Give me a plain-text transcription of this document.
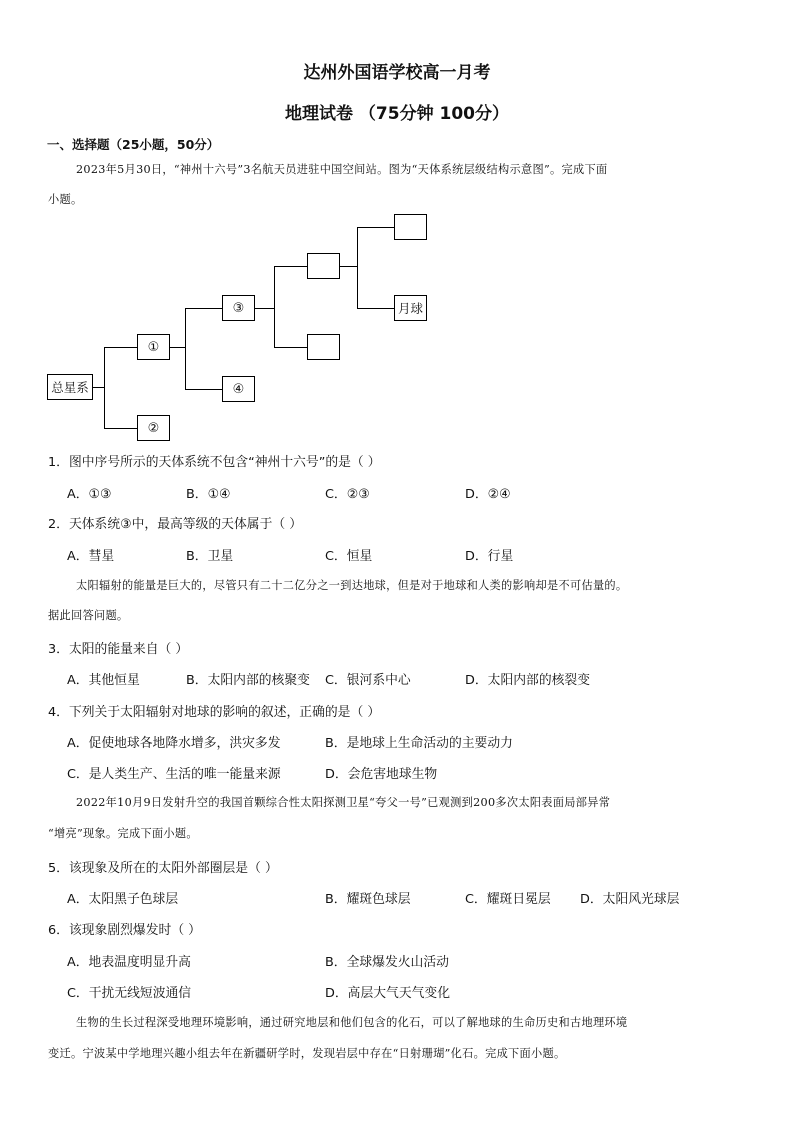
达州外国语学校高一月考
地理试卷 （75分钟 100分）
一、选择题（25小题，50分）
2023年5月30日，“神州十六号”3名航天员进驻中国空间站。图为“天体系统层级结构示意图”。完成下面
小题。
总星系
①
②
③
④
月球
1．图中序号所示的天体系统不包含“神州十六号”的是（ ）
A．①③	B．①④	C．②③	D．②④
2．天体系统③中，最高等级的天体属于（ ）
A．彗星	B．卫星	C．恒星	D．行星
太阳辐射的能量是巨大的，尽管只有二十二亿分之一到达地球，但是对于地球和人类的影响却是不可估量的。
据此回答问题。
3．太阳的能量来自（ ）
A．其他恒星	B．太阳内部的核聚变 C．银河系中心	D．太阳内部的核裂变
4．下列关于太阳辐射对地球的影响的叙述，正确的是（ ）
A．促使地球各地降水增多，洪灾多发	B．是地球上生命活动的主要动力
C．是人类生产、生活的唯一能量来源	D．会危害地球生物
2022年10月9日发射升空的我国首颗综合性太阳探测卫星“夸父一号”已观测到200多次太阳表面局部异常
“增亮”现象。完成下面小题。
5．该现象及所在的太阳外部圈层是（ ）
A．太阳黑子色球层	B．耀斑色球层	C．耀斑日冕层 D．太阳风光球层
6．该现象剧烈爆发时（ ）
A．地表温度明显升高	B．全球爆发火山活动
C．干扰无线短波通信	D．高层大气天气变化
生物的生长过程深受地理环境影响，通过研究地层和他们包含的化石，可以了解地球的生命历史和古地理环境
变迁。宁波某中学地理兴趣小组去年在新疆研学时，发现岩层中存在“日射珊瑚”化石。完成下面小题。
